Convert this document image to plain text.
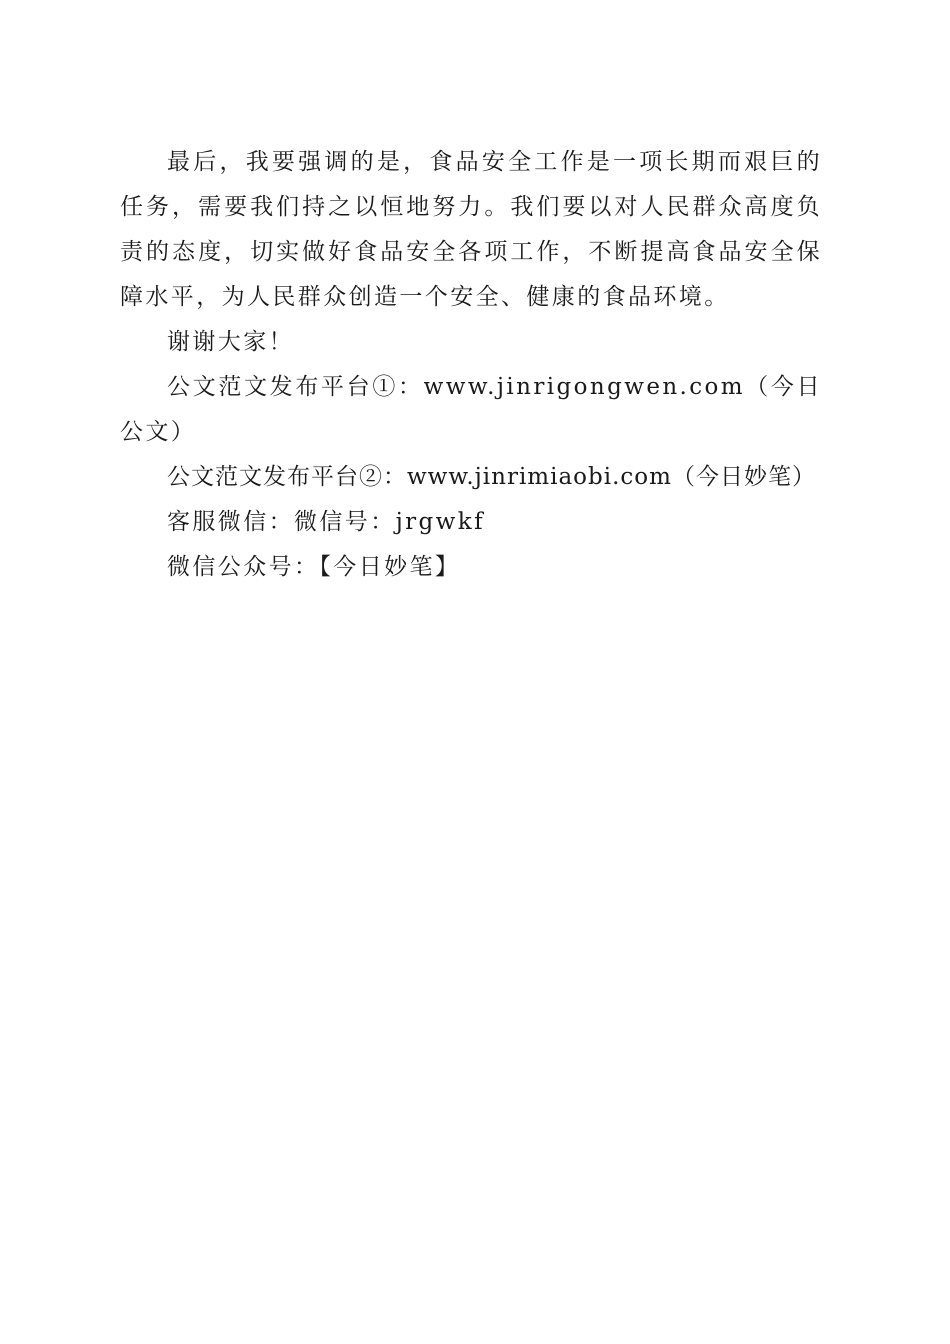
最后，我要强调的是，食品安全工作是一项长期而艰巨的任务，需要我们持之以恒地努力。我们要以对人民群众高度负责的态度，切实做好食品安全各项工作，不断提高食品安全保障水平，为人民群众创造一个安全、健康的食品环境。

谢谢大家！

公文范文发布平台①：www.jinrigongwen.com（今日公文）

公文范文发布平台②：www.jinrimiaobi.com（今日妙笔）

客服微信：微信号：jrgwkf

微信公众号：【今日妙笔】
